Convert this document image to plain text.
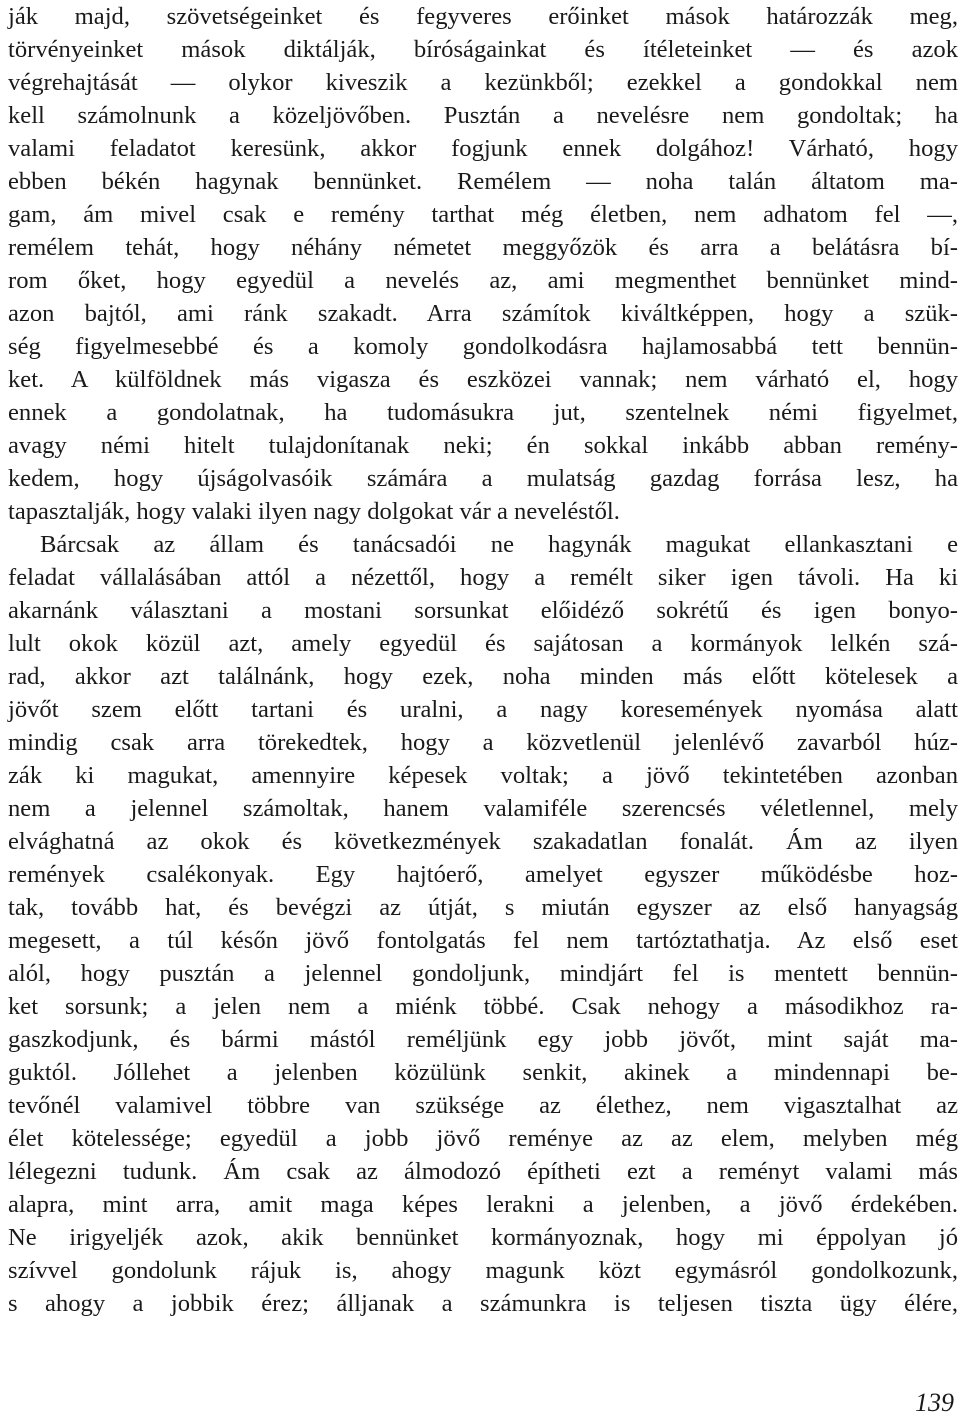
ják majd, szövetségeinket és fegyveres erőinket mások határozzák meg,
törvényeinket mások diktálják, bíróságainkat és ítéleteinket — és azok
végrehajtását — olykor kiveszik a kezünkből; ezekkel a gondokkal nem
kell számolnunk a közeljövőben. Pusztán a nevelésre nem gondoltak; ha
valami feladatot keresünk, akkor fogjunk ennek dolgához! Várható, hogy
ebben békén hagynak bennünket. Remélem — noha talán áltatom ma-
gam, ám mivel csak e remény tarthat még életben, nem adhatom fel —,
remélem tehát, hogy néhány németet meggyőzök és arra a belátásra bí-
rom őket, hogy egyedül a nevelés az, ami megmenthet bennünket mind-
azon bajtól, ami ránk szakadt. Arra számítok kiváltképpen, hogy a szük-
ség figyelmesebbé és a komoly gondolkodásra hajlamosabbá tett bennün-
ket. A külföldnek más vigasza és eszközei vannak; nem várható el, hogy
ennek a gondolatnak, ha tudomásukra jut, szentelnek némi figyelmet,
avagy némi hitelt tulajdonítanak neki; én sokkal inkább abban remény-
kedem, hogy újságolvasóik számára a mulatság gazdag forrása lesz, ha
tapasztalják, hogy valaki ilyen nagy dolgokat vár a neveléstől.
Bárcsak az állam és tanácsadói ne hagynák magukat ellankasztani e
feladat vállalásában attól a nézettől, hogy a remélt siker igen távoli. Ha ki
akarnánk választani a mostani sorsunkat előidéző sokrétű és igen bonyo-
lult okok közül azt, amely egyedül és sajátosan a kormányok lelkén szá-
rad, akkor azt találnánk, hogy ezek, noha minden más előtt kötelesek a
jövőt szem előtt tartani és uralni, a nagy koresemények nyomása alatt
mindig csak arra törekedtek, hogy a közvetlenül jelenlévő zavarból húz-
zák ki magukat, amennyire képesek voltak; a jövő tekintetében azonban
nem a jelennel számoltak, hanem valamiféle szerencsés véletlennel, mely
elvághatná az okok és következmények szakadatlan fonalát. Ám az ilyen
remények csalékonyak. Egy hajtóerő, amelyet egyszer működésbe hoz-
tak, tovább hat, és bevégzi az útját, s miután egyszer az első hanyagság
megesett, a túl későn jövő fontolgatás fel nem tartóztathatja. Az első eset
alól, hogy pusztán a jelennel gondoljunk, mindjárt fel is mentett bennün-
ket sorsunk; a jelen nem a miénk többé. Csak nehogy a másodikhoz ra-
gaszkodjunk, és bármi mástól reméljünk egy jobb jövőt, mint saját ma-
guktól. Jóllehet a jelenben közülünk senkit, akinek a mindennapi be-
tevőnél valamivel többre van szüksége az élethez, nem vigasztalhat az
élet kötelessége; egyedül a jobb jövő reménye az az elem, melyben még
lélegezni tudunk. Ám csak az álmodozó építheti ezt a reményt valami más
alapra, mint arra, amit maga képes lerakni a jelenben, a jövő érdekében.
Ne irigyeljék azok, akik bennünket kormányoznak, hogy mi éppolyan jó
szívvel gondolunk rájuk is, ahogy magunk közt egymásról gondolkozunk,
s ahogy a jobbik érez; álljanak a számunkra is teljesen tiszta ügy élére,
139
